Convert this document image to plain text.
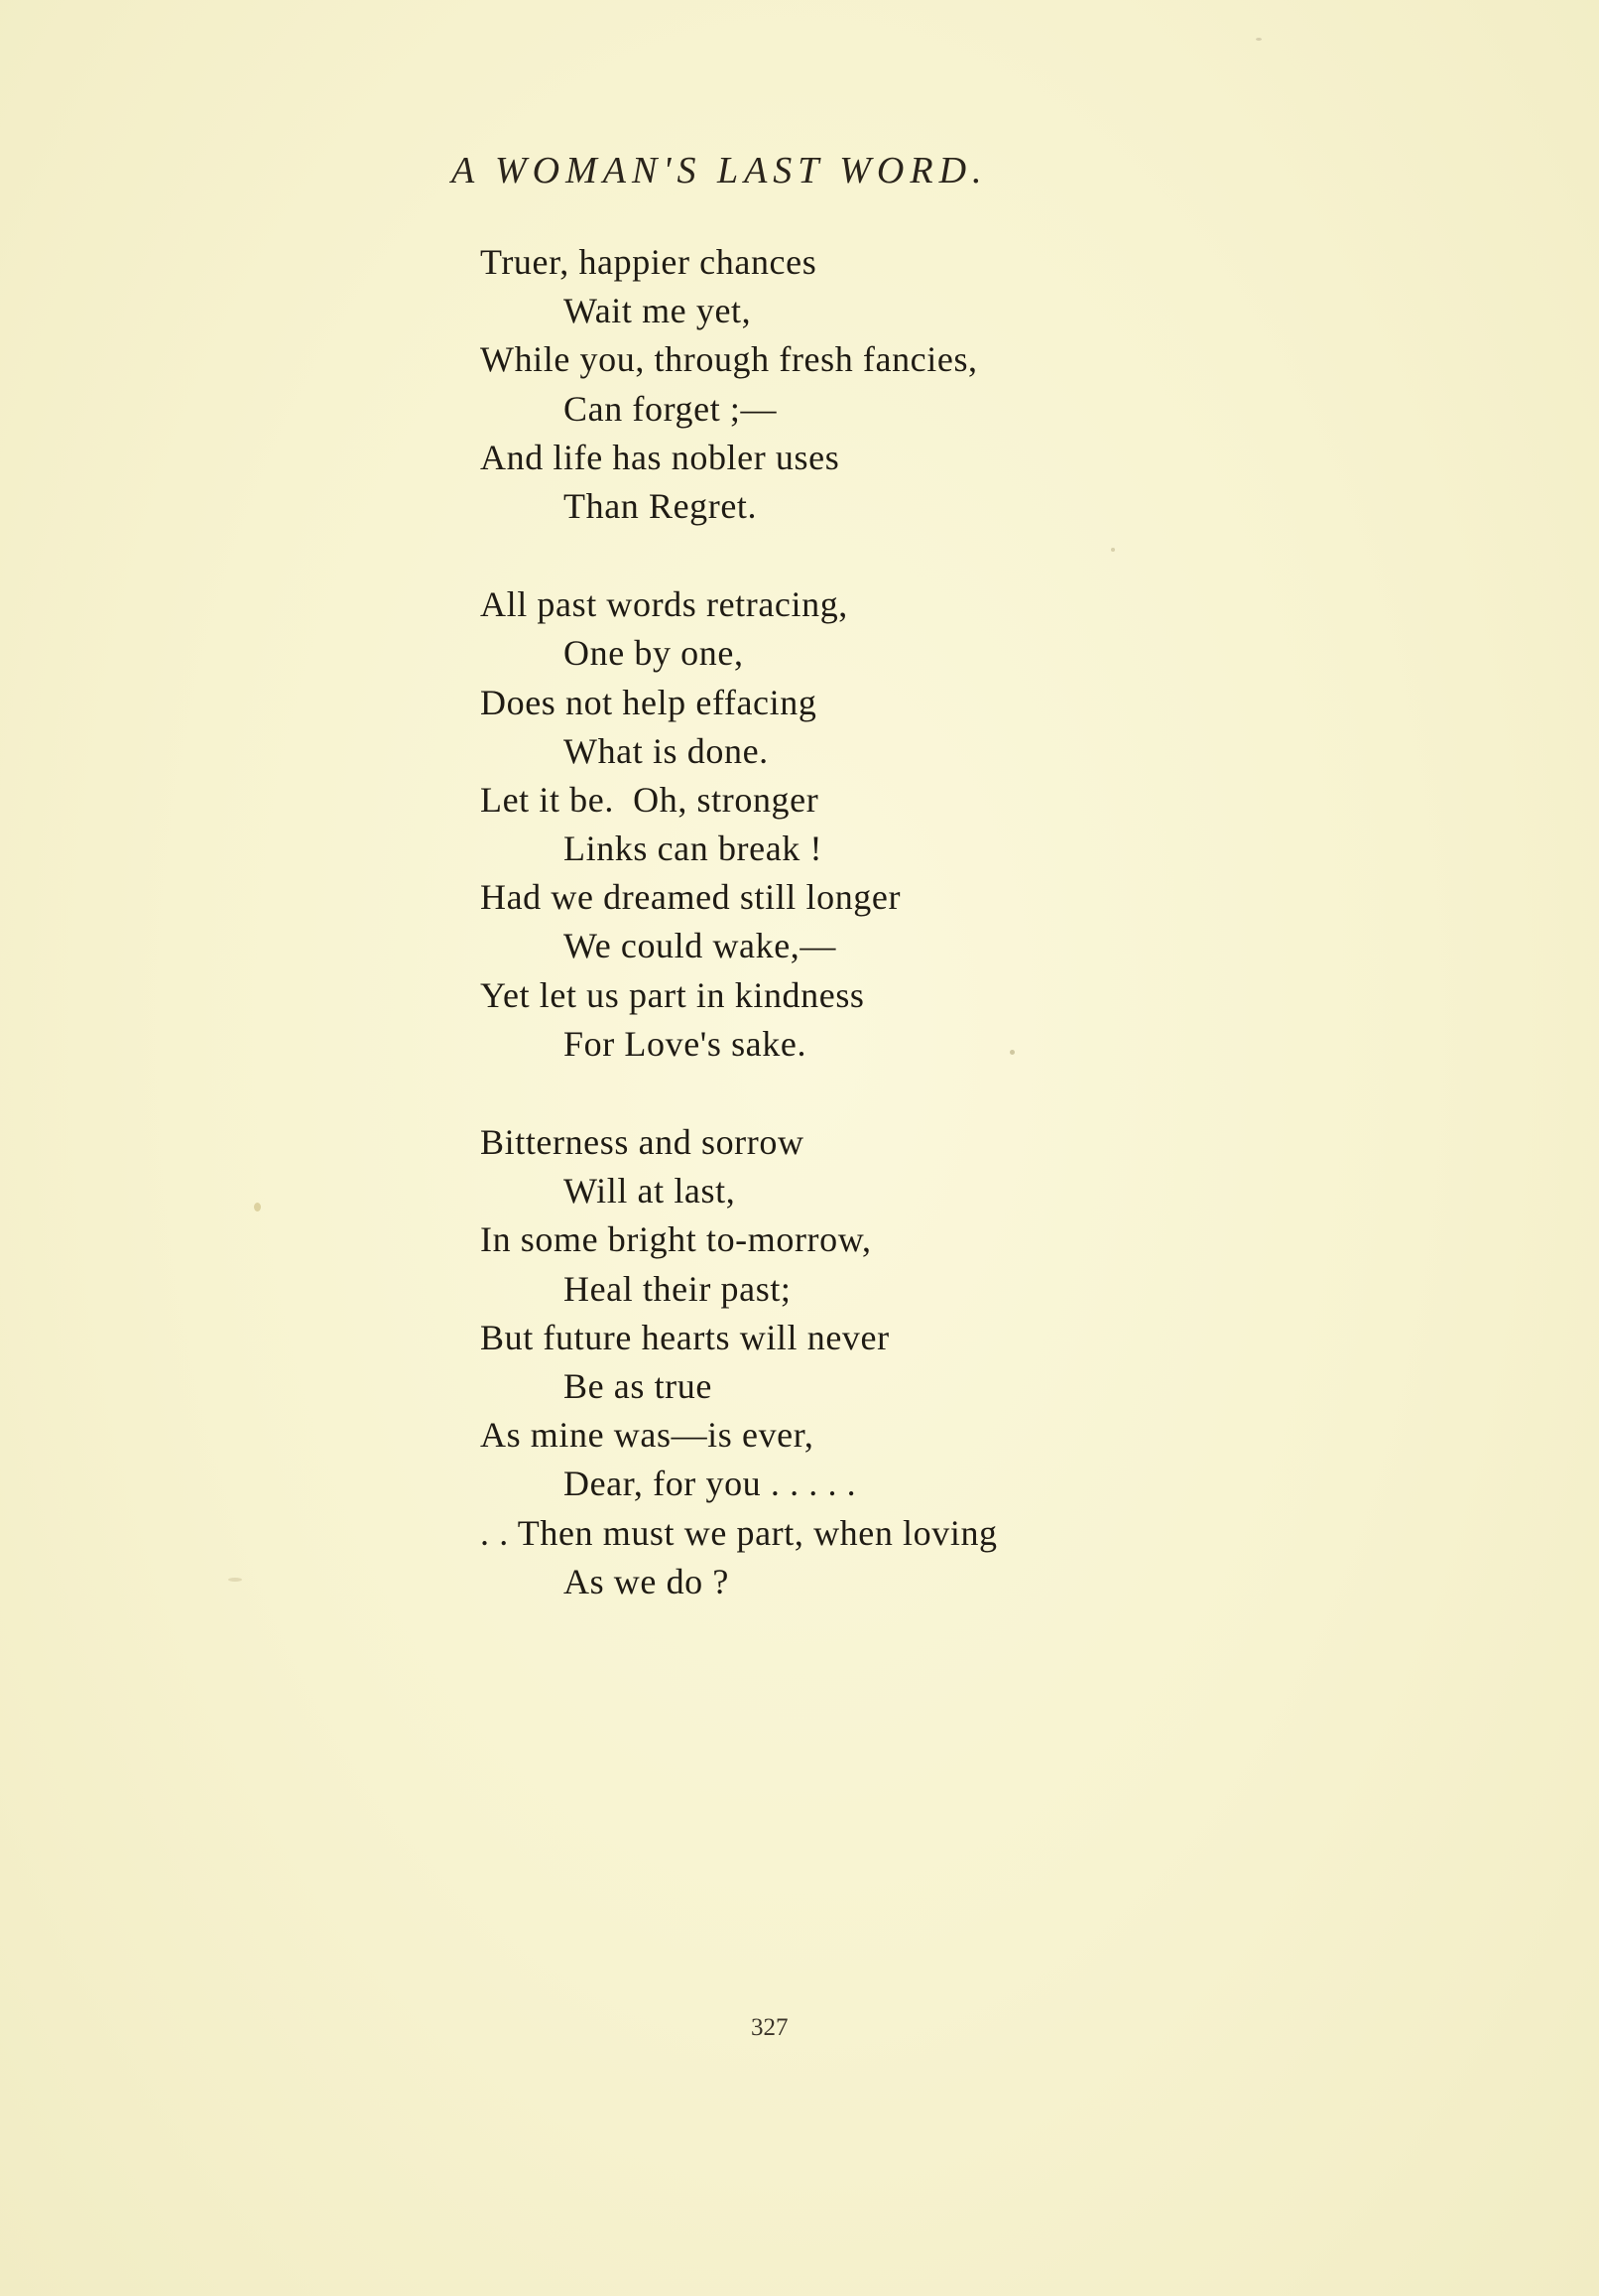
A WOMAN'S LAST WORD.
Truer, happier chances
Wait me yet,
While you, through fresh fancies,
Can forget ;—
And life has nobler uses
Than Regret.
All past words retracing,
One by one,
Does not help effacing
What is done.
Let it be.  Oh, stronger
Links can break !
Had we dreamed still longer
We could wake,—
Yet let us part in kindness
For Love's sake.
Bitterness and sorrow
Will at last,
In some bright to-morrow,
Heal their past;
But future hearts will never
Be as true
As mine was—is ever,
Dear, for you . . . . .
. . Then must we part, when loving
As we do ?
327
